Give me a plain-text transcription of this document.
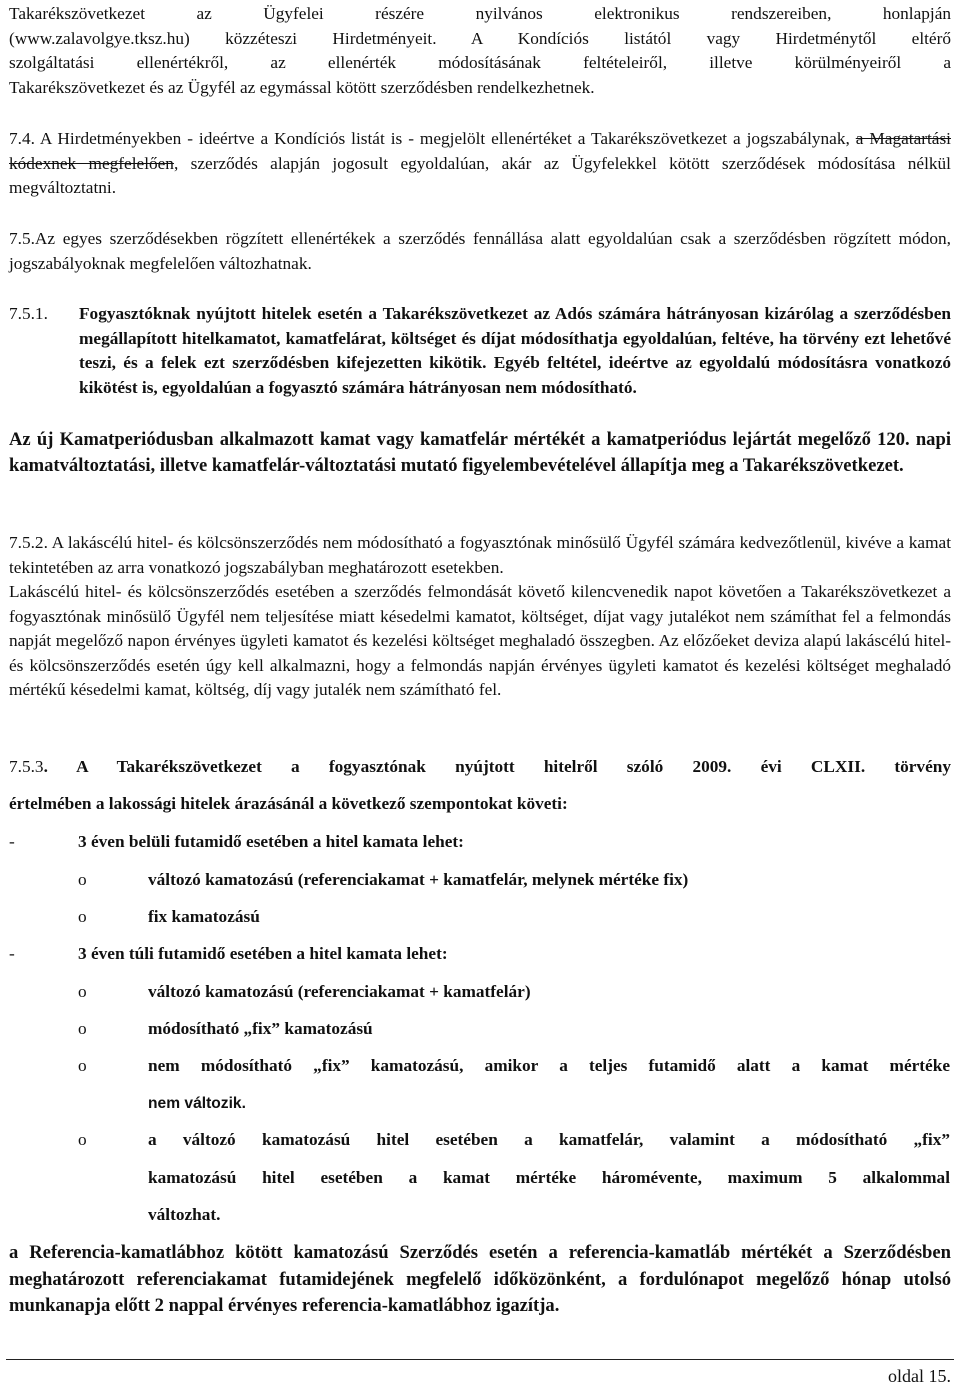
Takarékszövetkezet az Ügyfelei részére nyilvános elektronikus rendszereiben, honlapján
(www.zalavolgye.tksz.hu) közzéteszi Hirdetményeit. A Kondíciós listától vagy Hirdetménytől eltérő
szolgáltatási ellenértékről, az ellenérték módosításának feltételeiről, illetve körülményeiről a
Takarékszövetkezet és az Ügyfél az egymással kötött szerződésben rendelkezhetnek.

7.4. A Hirdetményekben - ideértve a Kondíciós listát is - megjelölt ellenértéket a Takarékszövetkezet a jogszabálynak, a Magatartási kódexnek megfelelően, szerződés alapján jogosult egyoldalúan, akár az Ügyfelekkel kötött szerződések módosítása nélkül megváltoztatni.

7.5.Az egyes szerződésekben rögzített ellenértékek a szerződés fennállása alatt egyoldalúan csak a szerződésben rögzített módon, jogszabályoknak megfelelően változhatnak.

7.5.1. Fogyasztóknak nyújtott hitelek esetén a Takarékszövetkezet az Adós számára hátrányosan kizárólag a szerződésben megállapított hitelkamatot, kamatfelárat, költséget és díjat módosíthatja egyoldalúan, feltéve, ha törvény ezt lehetővé teszi, és a felek ezt szerződésben kifejezetten kikötik. Egyéb feltétel, ideértve az egyoldalú módosításra vonatkozó kikötést is, egyoldalúan a fogyasztó számára hátrányosan nem módosítható.

Az új Kamatperiódusban alkalmazott kamat vagy kamatfelár mértékét a kamatperiódus lejártát megelőző 120. napi kamatváltoztatási, illetve kamatfelár-változtatási mutató figyelembevételével állapítja meg a Takarékszövetkezet.

7.5.2. A lakáscélú hitel- és kölcsönszerződés nem módosítható a fogyasztónak minősülő Ügyfél számára kedvezőtlenül, kivéve a kamat tekintetében az arra vonatkozó jogszabályban meghatározott esetekben.

Lakáscélú hitel- és kölcsönszerződés esetében a szerződés felmondását követő kilencvenedik napot követően a Takarékszövetkezet a fogyasztónak minősülő Ügyfél nem teljesítése miatt késedelmi kamatot, költséget, díjat vagy jutalékot nem számíthat fel a felmondás napját megelőző napon érvényes ügyleti kamatot és kezelési költséget meghaladó összegben. Az előzőeket deviza alapú lakáscélú hitel- és kölcsönszerződés esetén úgy kell alkalmazni, hogy a felmondás napján érvényes ügyleti kamatot és kezelési költséget meghaladó mértékű késedelmi kamat, költség, díj vagy jutalék nem számítható fel.

7.5.3. A Takarékszövetkezet a fogyasztónak nyújtott hitelről szóló 2009. évi CLXII. törvény

értelmében a lakossági hitelek árazásánál a következő szempontokat követi:

-	3 éven belüli futamidő esetében a hitel kamata lehet:
o	változó kamatozású (referenciakamat + kamatfelár, melynek mértéke fix)
o	fix kamatozású
-	3 éven túli futamidő esetében a hitel kamata lehet:
o	változó kamatozású (referenciakamat + kamatfelár)
o	módosítható „fix” kamatozású
o	nem módosítható „fix” kamatozású, amikor a teljes futamidő alatt a kamat mértéke
nem változik.
o	a változó kamatozású hitel esetében a kamatfelár, valamint a módosítható „fix”
kamatozású hitel esetében a kamat mértéke háromévente, maximum 5 alkalommal
változhat.

a Referencia-kamatlábhoz kötött kamatozású Szerződés esetén a referencia-kamatláb mértékét a Szerződésben meghatározott referenciakamat futamidejének megfelelő időközönként, a fordulónapot megelőző hónap utolsó munkanapja előtt 2 nappal érvényes referencia-kamatlábhoz igazítja.

oldal 15.
